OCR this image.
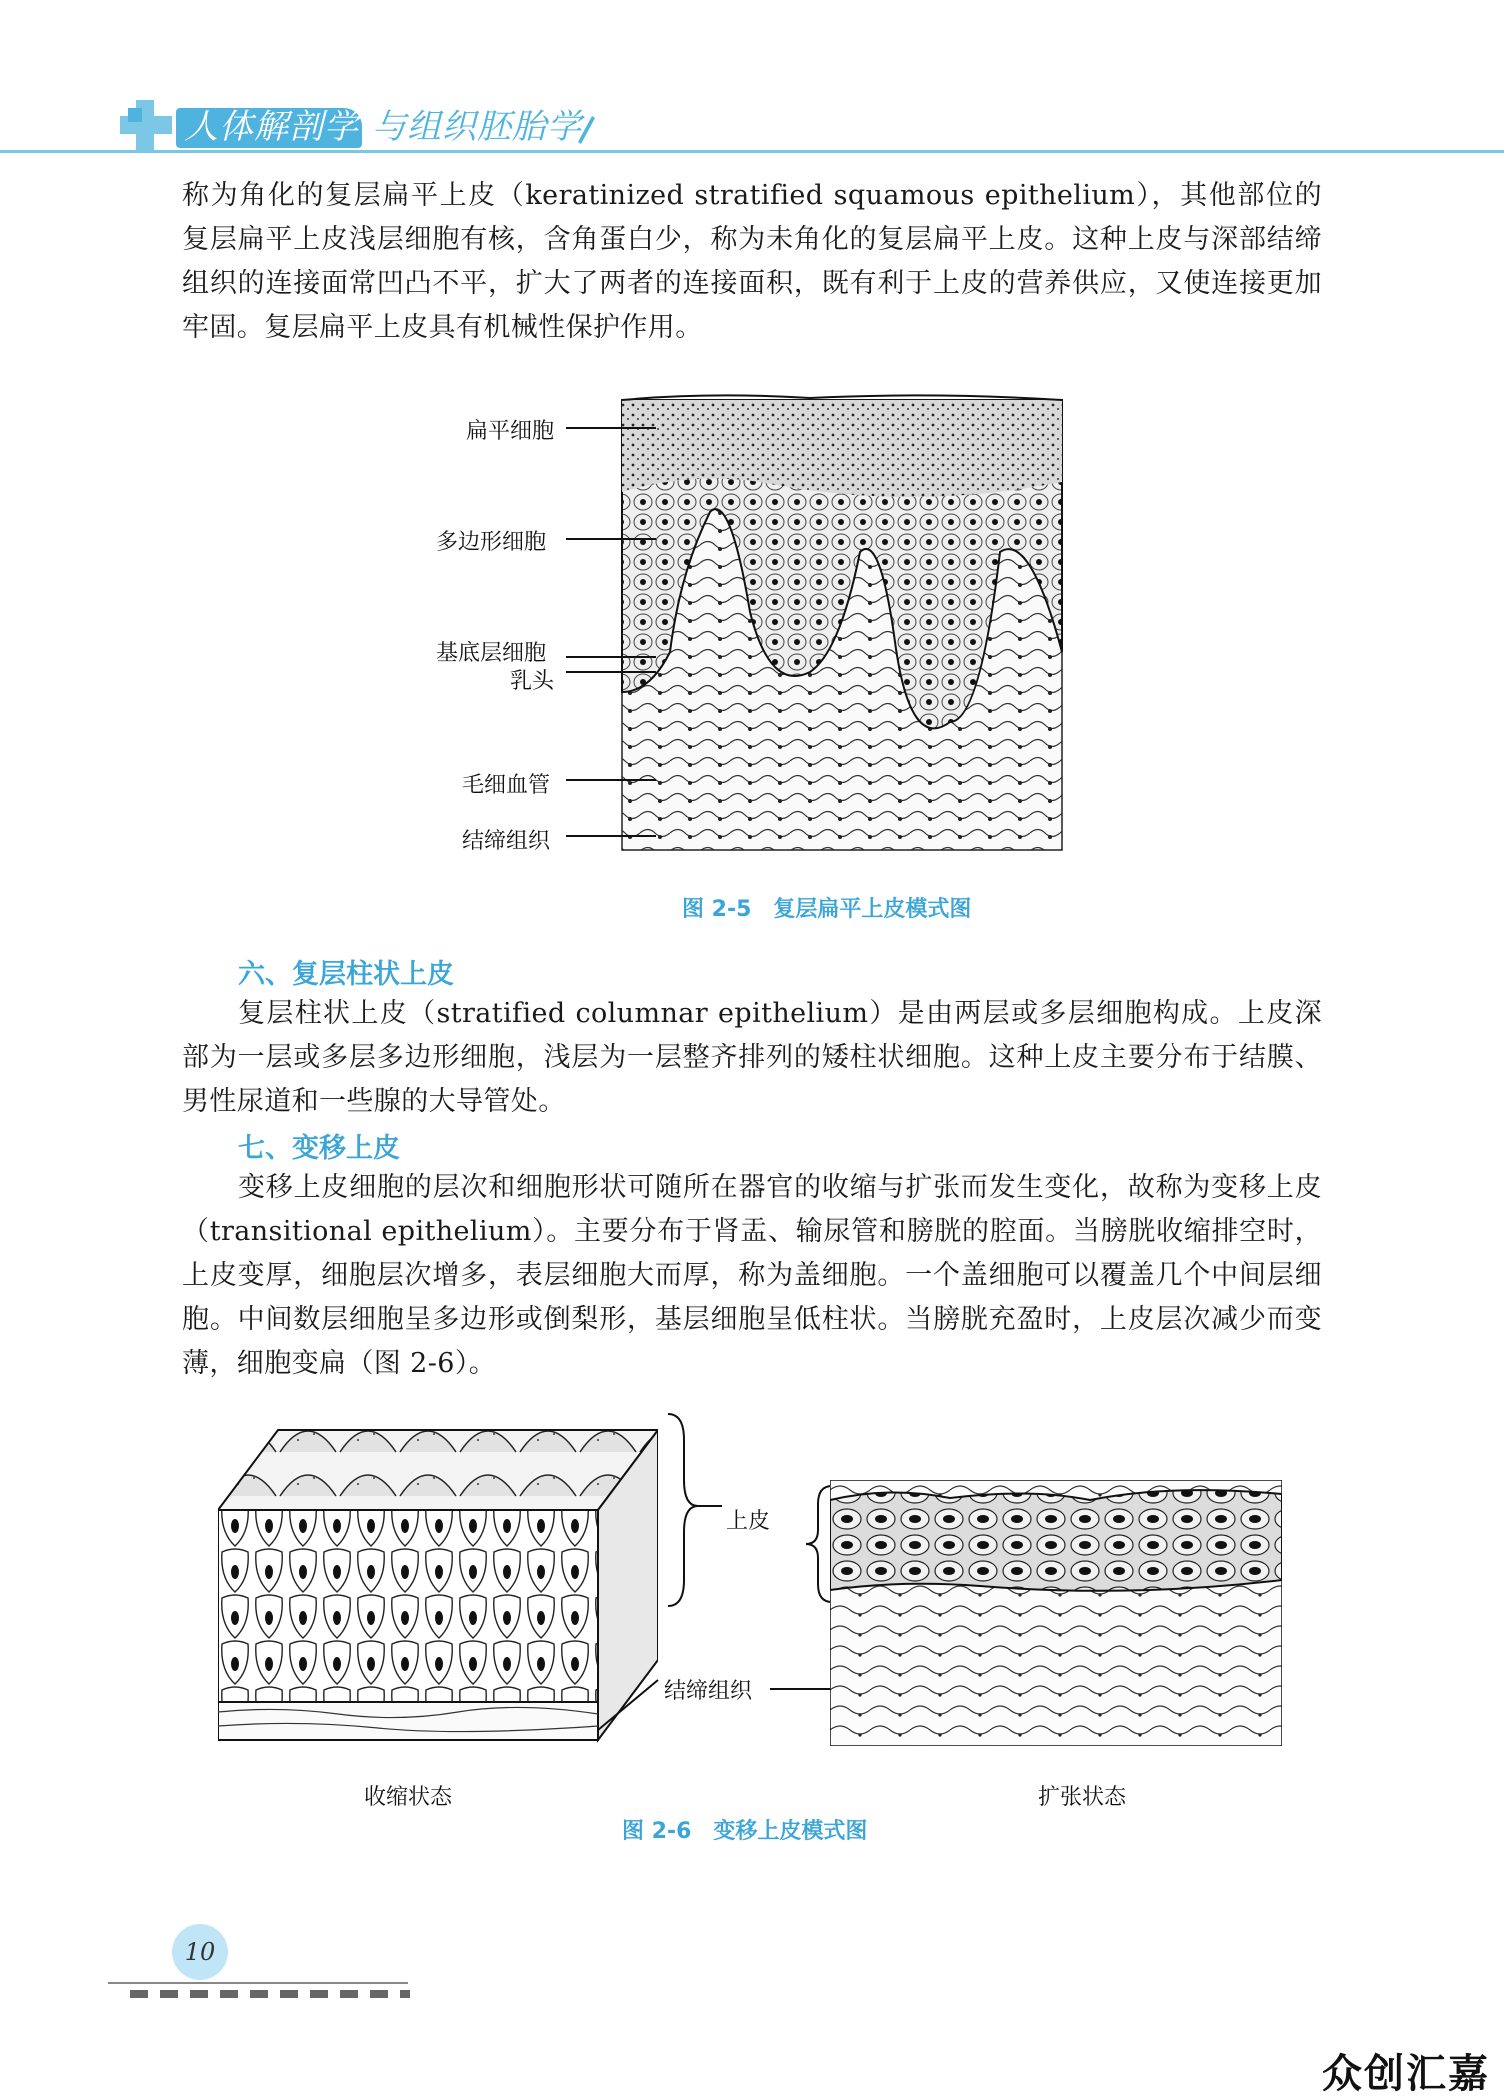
人体解剖学 与组织胚胎学
称为角化的复层扁平上皮（keratinized stratified squamous epithelium），其他部位的复层扁平上皮浅层细胞有核，含角蛋白少，称为未角化的复层扁平上皮。这种上皮与深部结缔组织的连接面常凹凸不平，扩大了两者的连接面积，既有利于上皮的营养供应，又使连接更加牢固。复层扁平上皮具有机械性保护作用。
扁平细胞
多边形细胞
基底层细胞
乳头
毛细血管
结缔组织
图 2-5　复层扁平上皮模式图
六、复层柱状上皮
复层柱状上皮（stratified columnar epithelium）是由两层或多层细胞构成。上皮深部为一层或多层多边形细胞，浅层为一层整齐排列的矮柱状细胞。这种上皮主要分布于结膜、男性尿道和一些腺的大导管处。
七、变移上皮
变移上皮细胞的层次和细胞形状可随所在器官的收缩与扩张而发生变化，故称为变移上皮（transitional epithelium）。主要分布于肾盂、输尿管和膀胱的腔面。当膀胱收缩排空时，上皮变厚，细胞层次增多，表层细胞大而厚，称为盖细胞。一个盖细胞可以覆盖几个中间层细胞。中间数层细胞呈多边形或倒梨形，基层细胞呈低柱状。当膀胱充盈时，上皮层次减少而变薄，细胞变扁（图 2-6）。
上皮
结缔组织
收缩状态	扩张状态
图 2-6　变移上皮模式图
10
众创汇嘉
